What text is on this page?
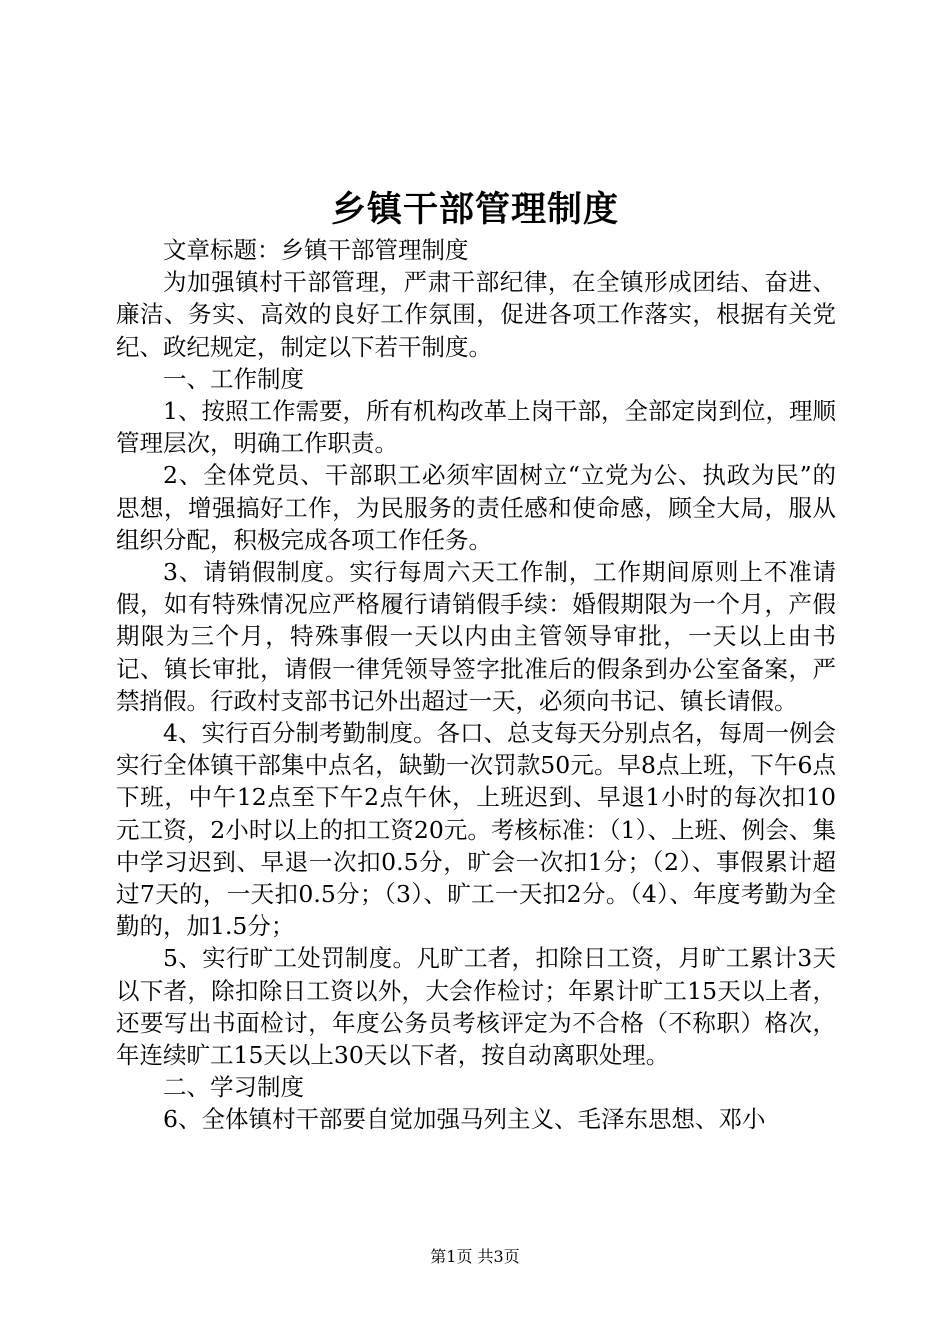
乡镇干部管理制度

文章标题：乡镇干部管理制度

为加强镇村干部管理，严肃干部纪律，在全镇形成团结、奋进、廉洁、务实、高效的良好工作氛围，促进各项工作落实，根据有关党纪、政纪规定，制定以下若干制度。

一、工作制度

1、按照工作需要，所有机构改革上岗干部，全部定岗到位，理顺管理层次，明确工作职责。

2、全体党员、干部职工必须牢固树立“立党为公、执政为民”的思想，增强搞好工作，为民服务的责任感和使命感，顾全大局，服从组织分配，积极完成各项工作任务。

3、请销假制度。实行每周六天工作制，工作期间原则上不准请假，如有特殊情况应严格履行请销假手续：婚假期限为一个月，产假期限为三个月，特殊事假一天以内由主管领导审批，一天以上由书记、镇长审批，请假一律凭领导签字批准后的假条到办公室备案，严禁捎假。行政村支部书记外出超过一天，必须向书记、镇长请假。

4、实行百分制考勤制度。各口、总支每天分别点名，每周一例会实行全体镇干部集中点名，缺勤一次罚款50元。早8点上班，下午6点下班，中午12点至下午2点午休，上班迟到、早退1小时的每次扣10元工资，2小时以上的扣工资20元。考核标准：（1）、上班、例会、集中学习迟到、早退一次扣0.5分，旷会一次扣1分；（2）、事假累计超过7天的，一天扣0.5分；（3）、旷工一天扣2分。（4）、年度考勤为全勤的，加1.5分；

5、实行旷工处罚制度。凡旷工者，扣除日工资，月旷工累计3天以下者，除扣除日工资以外，大会作检讨；年累计旷工15天以上者，还要写出书面检讨，年度公务员考核评定为不合格（不称职）格次，年连续旷工15天以上30天以下者，按自动离职处理。

二、学习制度

6、全体镇村干部要自觉加强马列主义、毛泽东思想、邓小

第1页 共3页
